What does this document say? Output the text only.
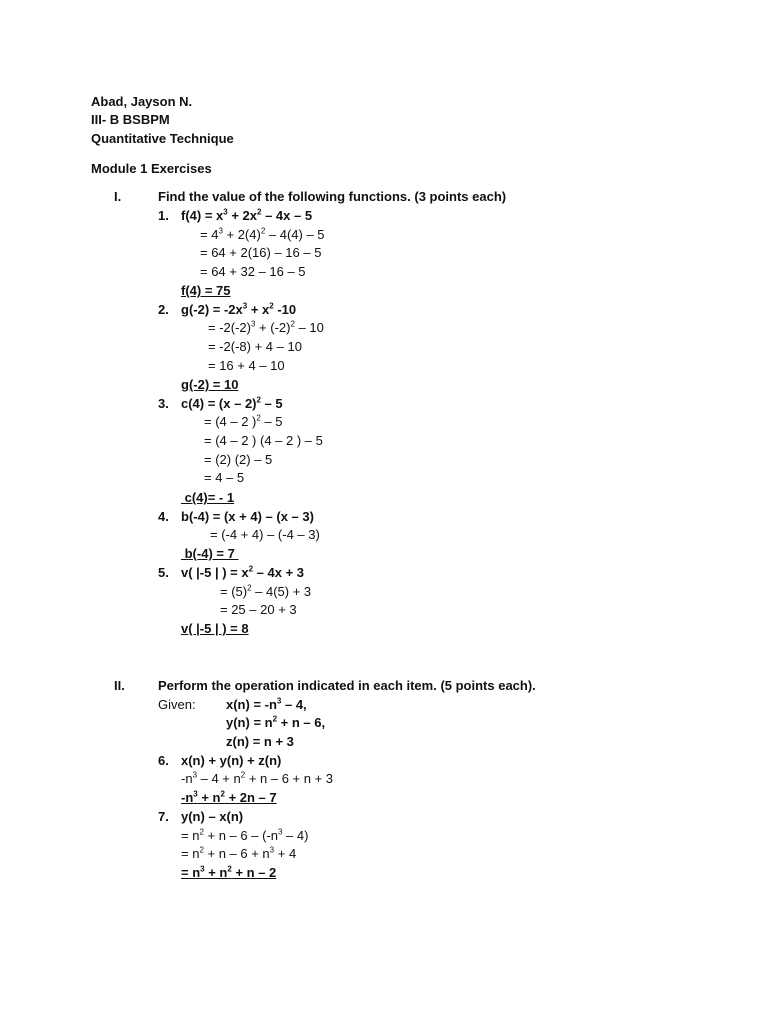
Abad, Jayson N.
III- B BSBPM
Quantitative Technique
Module 1 Exercises
I.	Find the value of the following functions. (3 points each)
1. $f(4) = x^3 + 2x^2 - 4x - 5$
= $4^3 + 2(4)^2 - 4(4) - 5$
= 64 + 2(16) – 16 – 5
= 64 + 32 – 16 – 5
f(4) = 75
2. $g(-2) = -2x^3 + x^2$ -10
= $-2(-2)^3 + (-2)^2 - 10$
= -2(-8) + 4 – 10
= 16 + 4 – 10
g(-2) = 10
3. c(4) = (x – 2)$^2$ – 5
= (4 – 2 )$^2$ – 5
= (4 – 2 ) (4 – 2 ) – 5
= (2) (2) – 5
= 4 – 5
c(4)= - 1
4. b(-4) = (x + 4) – (x – 3)
= (-4 + 4) – (-4 – 3)
b(-4) = 7
5. v( |-5 | ) = $x^2 - 4x + 3$
= $(5)^2 - 4(5) + 3$
= 25 – 20 + 3
v( |-5 | ) = 8
II.	Perform the operation indicated in each item. (5 points each).
Given: $x(n) = -n^3 - 4$,
$y(n) = n^2 + n - 6$,
z(n) = n + 3
6. x(n) + y(n) + z(n)
$-n^3 - 4 + n^2 + n - 6 + n + 3$
$-n^3 + n^2 + 2n - 7$
7. y(n) – x(n)
= $n^2 + n - 6 - (-n^3 - 4)$
= $n^2 + n - 6 + n^3 + 4$
= $n^3 + n^2 + n - 2$
